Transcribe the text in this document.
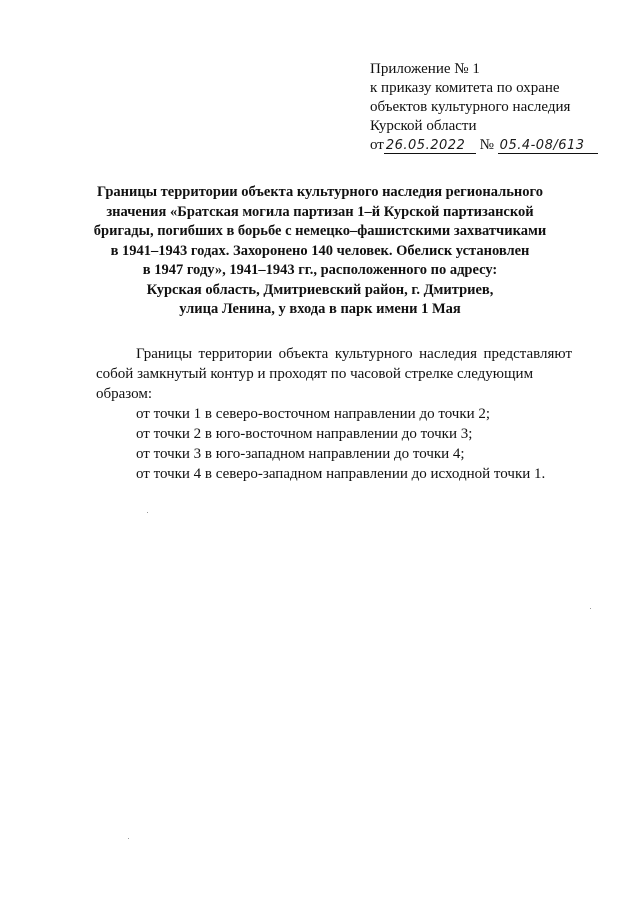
Приложение № 1
к приказу комитета по охране
объектов культурного наследия
Курской области
от 26.05.2022 № 05.4-08/613
Границы территории объекта культурного наследия регионального
значения «Братская могила партизан 1–й Курской партизанской
бригады, погибших в борьбе с немецко–фашистскими захватчиками
в 1941–1943 годах. Захоронено 140 человек. Обелиск установлен
в 1947 году», 1941–1943 гг., расположенного по адресу:
Курская область, Дмитриевский район, г. Дмитриев,
улица Ленина, у входа в парк имени 1 Мая
Границы территории объекта культурного наследия представляют собой замкнутый контур и проходят по часовой стрелке следующим
образом:
от точки 1 в северо-восточном направлении до точки 2;
от точки 2 в юго-восточном направлении до точки 3;
от точки 3 в юго-западном направлении до точки 4;
от точки 4 в северо-западном направлении до исходной точки 1.
